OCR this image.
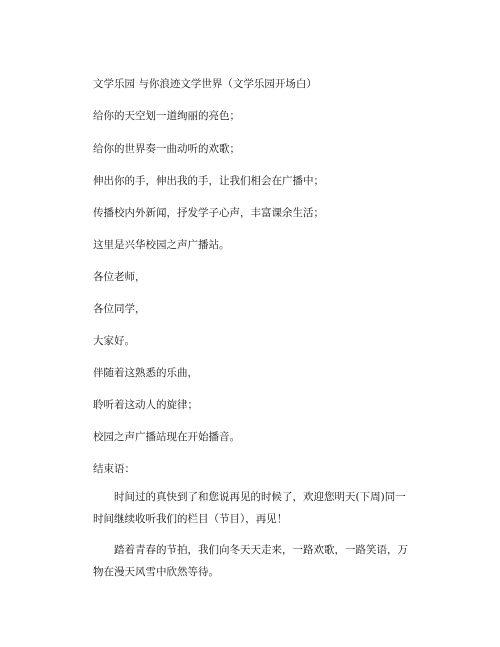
文学乐园 与你浪迹文学世界（文学乐园开场白）

给你的天空划一道绚丽的亮色；

给你的世界奏一曲动听的欢歌；

伸出你的手，伸出我的手，让我们相会在广播中；

传播校内外新闻，抒发学子心声，丰富课余生活；

这里是兴华校园之声广播站。

各位老师，

各位同学，

大家好。

伴随着这熟悉的乐曲，

聆听着这动人的旋律；

校园之声广播站现在开始播音。

结束语：

时间过的真快到了和您说再见的时候了，欢迎您明天(下周)同一时间继续收听我们的栏目（节目），再见！

踏着青春的节拍，我们向冬天天走来，一路欢歌，一路笑语，万物在漫天风雪中欣然等待。
